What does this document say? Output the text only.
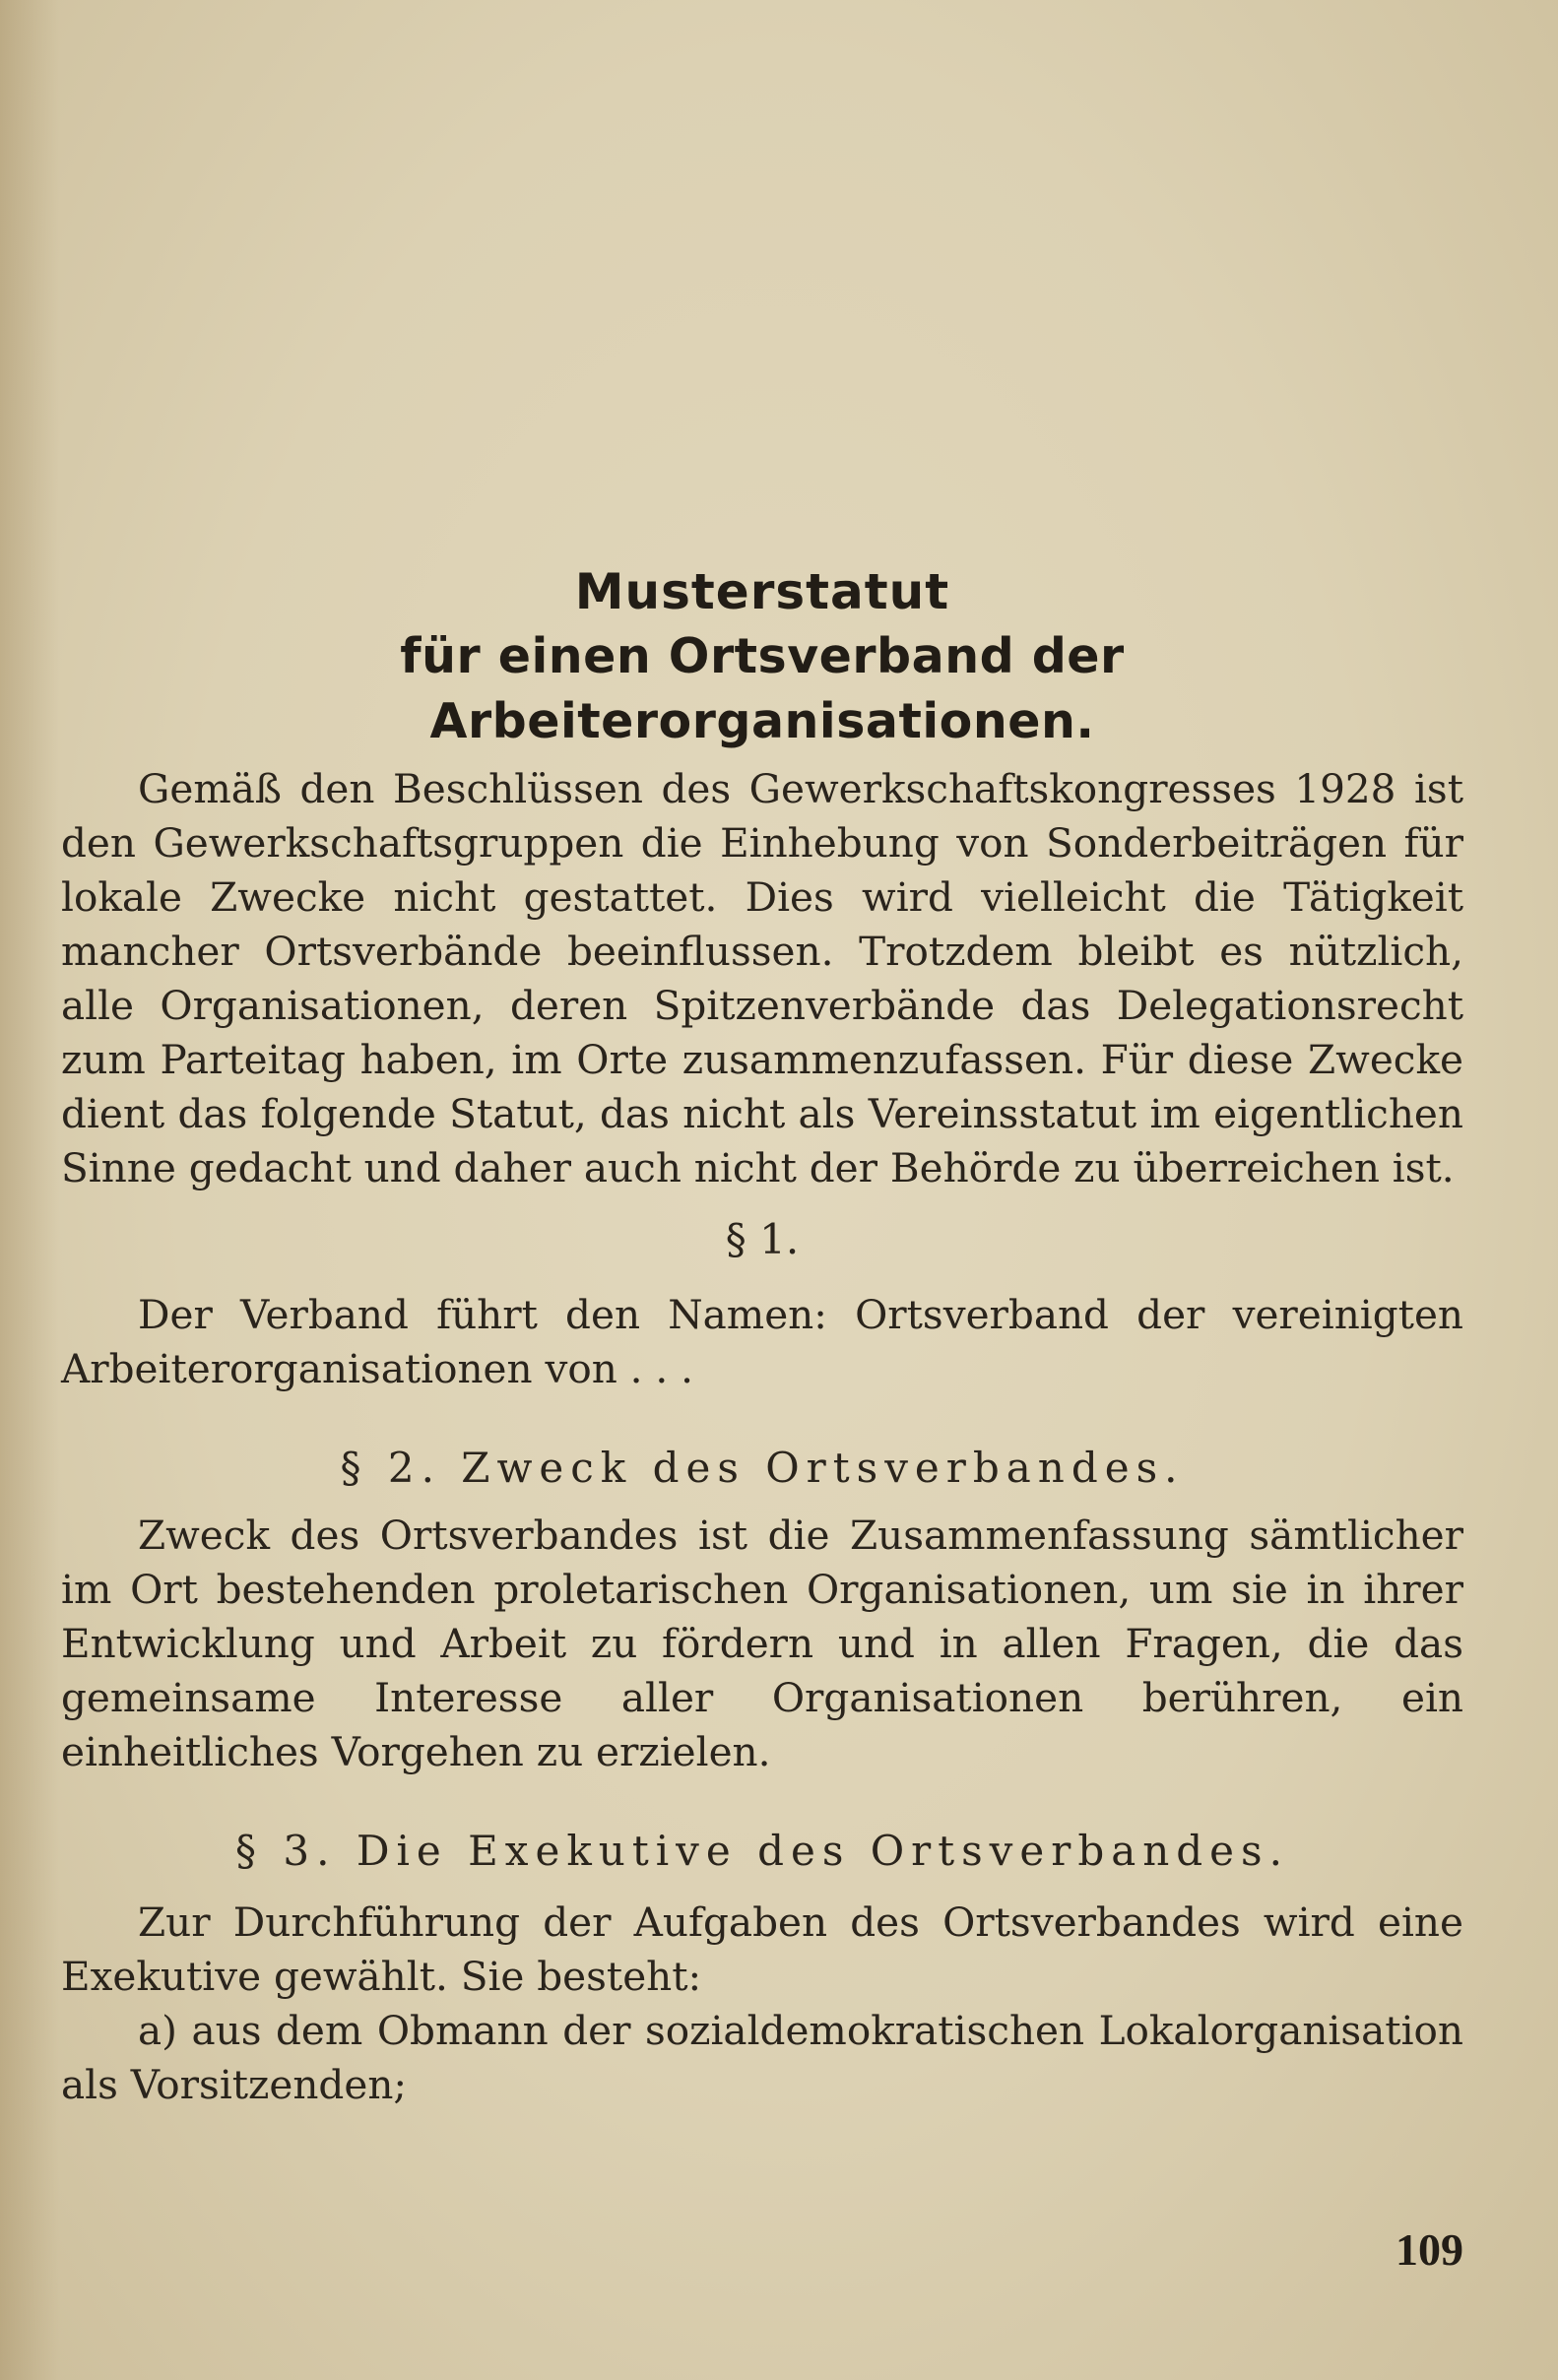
Musterstatut
für einen Ortsverband der Arbeiterorganisationen.

Gemäß den Beschlüssen des Gewerkschaftskongresses 1928 ist den Gewerkschaftsgruppen die Einhebung von Sonderbeiträgen für lokale Zwecke nicht gestattet. Dies wird vielleicht die Tätigkeit mancher Ortsverbände beeinflussen. Trotzdem bleibt es nützlich, alle Organisationen, deren Spitzenverbände das Delegationsrecht zum Parteitag haben, im Orte zusammenzufassen. Für diese Zwecke dient das folgende Statut, das nicht als Vereinsstatut im eigentlichen Sinne gedacht und daher auch nicht der Behörde zu überreichen ist.

§ 1.

Der Verband führt den Namen: Ortsverband der vereinigten Arbeiterorganisationen von . . .

§ 2. Zweck des Ortsverbandes.

Zweck des Ortsverbandes ist die Zusammenfassung sämtlicher im Ort bestehenden proletarischen Organisationen, um sie in ihrer Entwicklung und Arbeit zu fördern und in allen Fragen, die das gemeinsame Interesse aller Organisationen berühren, ein einheitliches Vorgehen zu erzielen.

§ 3. Die Exekutive des Ortsverbandes.

Zur Durchführung der Aufgaben des Ortsverbandes wird eine Exekutive gewählt. Sie besteht:

a) aus dem Obmann der sozialdemokratischen Lokalorganisation als Vorsitzenden;

109
